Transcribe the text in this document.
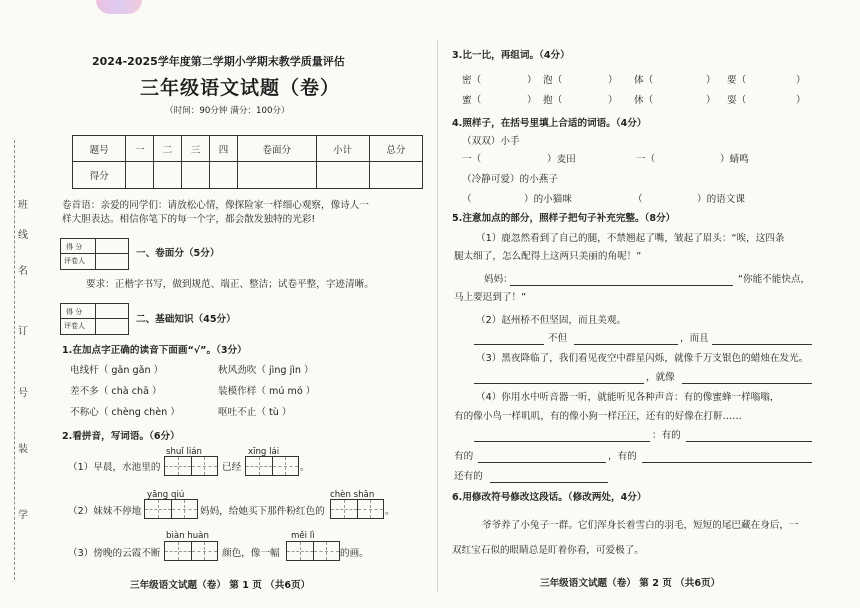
班
线
名
订
号
装
学
2024-2025学年度第二学期小学期末教学质量评估
三年级语文试题（卷）
（时间：90分钟 满分：100分）
题号	一	二	三	四	卷面分	小计	总分
得分							
卷首语：亲爱的同学们：请放松心情，像探险家一样细心观察，像诗人一
样大胆表达。相信你笔下的每一个字，都会散发独特的光彩!
得 分
评卷人
一、卷面分（5分）
要求：正楷字书写，做到规范、端正、整洁；试卷平整，字迹清晰。
得 分
评卷人
二、基础知识（45分）
1.在加点字正确的读音下面画“√”。（3分）
电线杆（ gān gǎn ）	秋风劲吹（ jìng jìn ）
差不多（ chà chā ）	装模作样（ mú mó ）
不称心（ chèng chèn ）	呕吐不止（ tù ）
2.看拼音，写词语。（6分）
（1）早晨，水池里的
shuǐ lián
已经
xīng lái
。
（2）妹妹不停地
yāng qiú
妈妈，给她买下那件粉红色的
chèn shān
。
（3）傍晚的云霞不断
biàn huàn
颜色，像一幅
měi lì
的画。
三年级语文试题（卷） 第 1 页 （共6页）
3.比一比，再组词。（4分）
密（	） 泡（	） 体（	） 要（	）
蜜（	） 抱（	） 休（	） 耍（	）
4.照样子，在括号里填上合适的词语。（4分）
（双双）小手
一（	）麦田	一（	）蜻鸣
（冷静可爱）的小燕子
（	）的小猫咪	（	）的语文课
5.注意加点的部分，照样子把句子补充完整。（8分）
（1）鹿忽然看到了自己的腿，不禁翘起了嘴，皱起了眉头：“唉，这四条
腿太细了，怎么配得上这两只美丽的角呢！”
妈妈：	“你能不能快点，
马上要迟到了！”
（2）赵州桥不但坚固，而且美观。
不但	，而且
（3）黑夜降临了，我们看见夜空中群星闪烁，就像千万支银色的蜡烛在发光。
，就像
（4）你用水中听音器一听，就能听见各种声音：有的像蜜蜂一样嗡嗡，
有的像小鸟一样叽叽，有的像小狗一样汪汪，还有的好像在打鼾……
：有的
有的	，有的
还有的
6.用修改符号修改这段话。（修改两处，4分）
爷爷养了小兔子一群。它们浑身长着雪白的羽毛，短短的尾巴藏在身后，一
双红宝石似的眼睛总是盯着你看，可爱极了。
三年级语文试题（卷） 第 2 页 （共6页）
